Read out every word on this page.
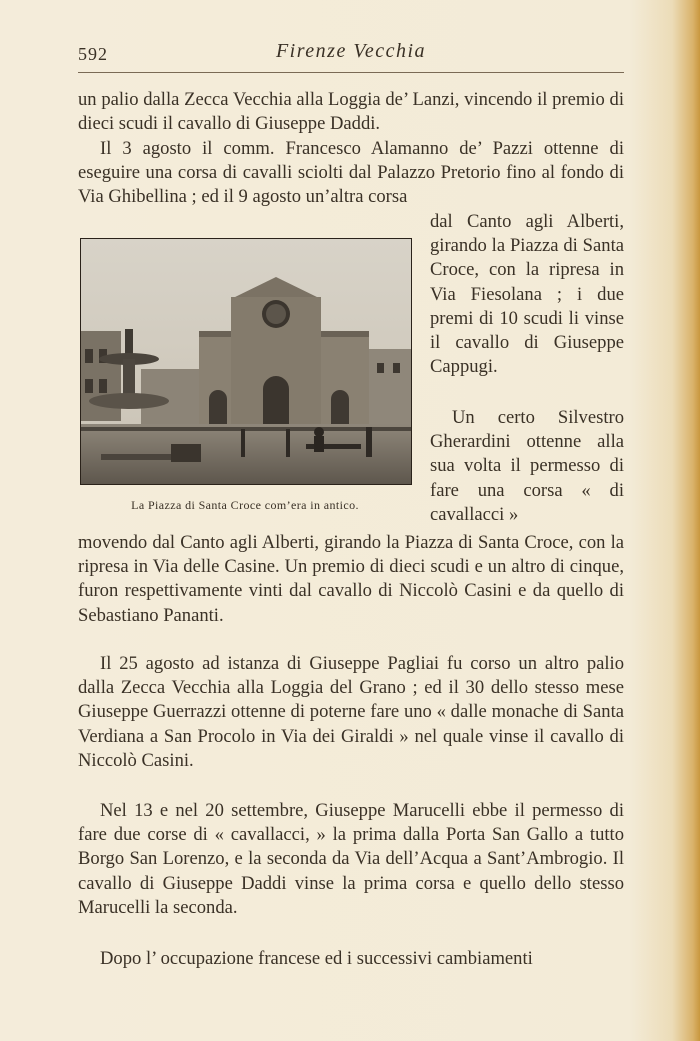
592	Firenze Vecchia
un palio dalla Zecca Vecchia alla Loggia de’ Lanzi, vincendo il premio di dieci scudi il cavallo di Giuseppe Daddi.
Il 3 agosto il comm. Francesco Alamanno de’ Pazzi ottenne di eseguire una corsa di cavalli sciolti dal Palazzo Pretorio fino al fondo di Via Ghibellina ; ed il 9 agosto un’altra corsa
dal Canto agli Alberti, girando la Piazza di Santa Croce, con la ripresa in Via Fiesolana ; i due premi di 10 scudi li vinse il cavallo di Giuseppe Cappugi.
Un certo Silvestro Gherardini ottenne alla sua volta il permesso di fare una corsa « di cavallacci »
La Piazza di Santa Croce com’era in antico.
movendo dal Canto agli Alberti, girando la Piazza di Santa Croce, con la ripresa in Via delle Casine. Un premio di dieci scudi e un altro di cinque, furon respettivamente vinti dal cavallo di Niccolò Casini e da quello di Sebastiano Pananti.
Il 25 agosto ad istanza di Giuseppe Pagliai fu corso un altro palio dalla Zecca Vecchia alla Loggia del Grano ; ed il 30 dello stesso mese Giuseppe Guerrazzi ottenne di poterne fare uno « dalle monache di Santa Verdiana a San Procolo in Via dei Giraldi » nel quale vinse il cavallo di Niccolò Casini.
Nel 13 e nel 20 settembre, Giuseppe Marucelli ebbe il permesso di fare due corse di « cavallacci, » la prima dalla Porta San Gallo a tutto Borgo San Lorenzo, e la seconda da Via dell’Acqua a Sant’Ambrogio. Il cavallo di Giuseppe Daddi vinse la prima corsa e quello dello stesso Marucelli la seconda.
Dopo l’ occupazione francese ed i successivi cambiamenti
